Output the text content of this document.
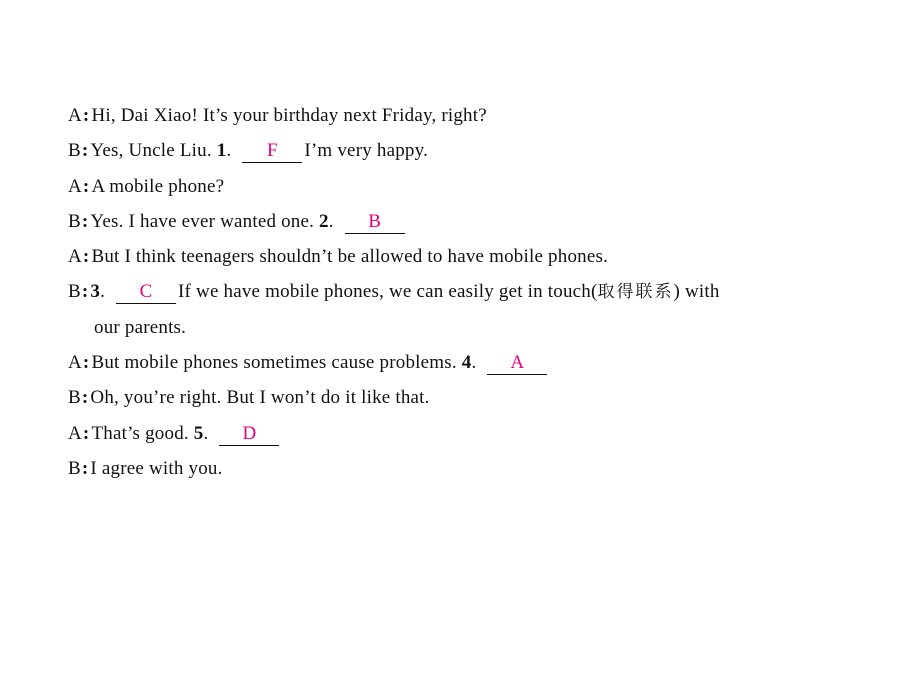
A: Hi, Dai Xiao! It’s your birthday next Friday, right?
B: Yes, Uncle Liu. 1. F I’m very happy.
A: A mobile phone?
B: Yes. I have ever wanted one. 2. B
A: But I think teenagers shouldn’t be allowed to have mobile phones.
B: 3. C If we have mobile phones, we can easily get in touch(取得联系) with
our parents.
A: But mobile phones sometimes cause problems. 4. A
B: Oh, you’re right. But I won’t do it like that.
A: That’s good. 5. D
B: I agree with you.
